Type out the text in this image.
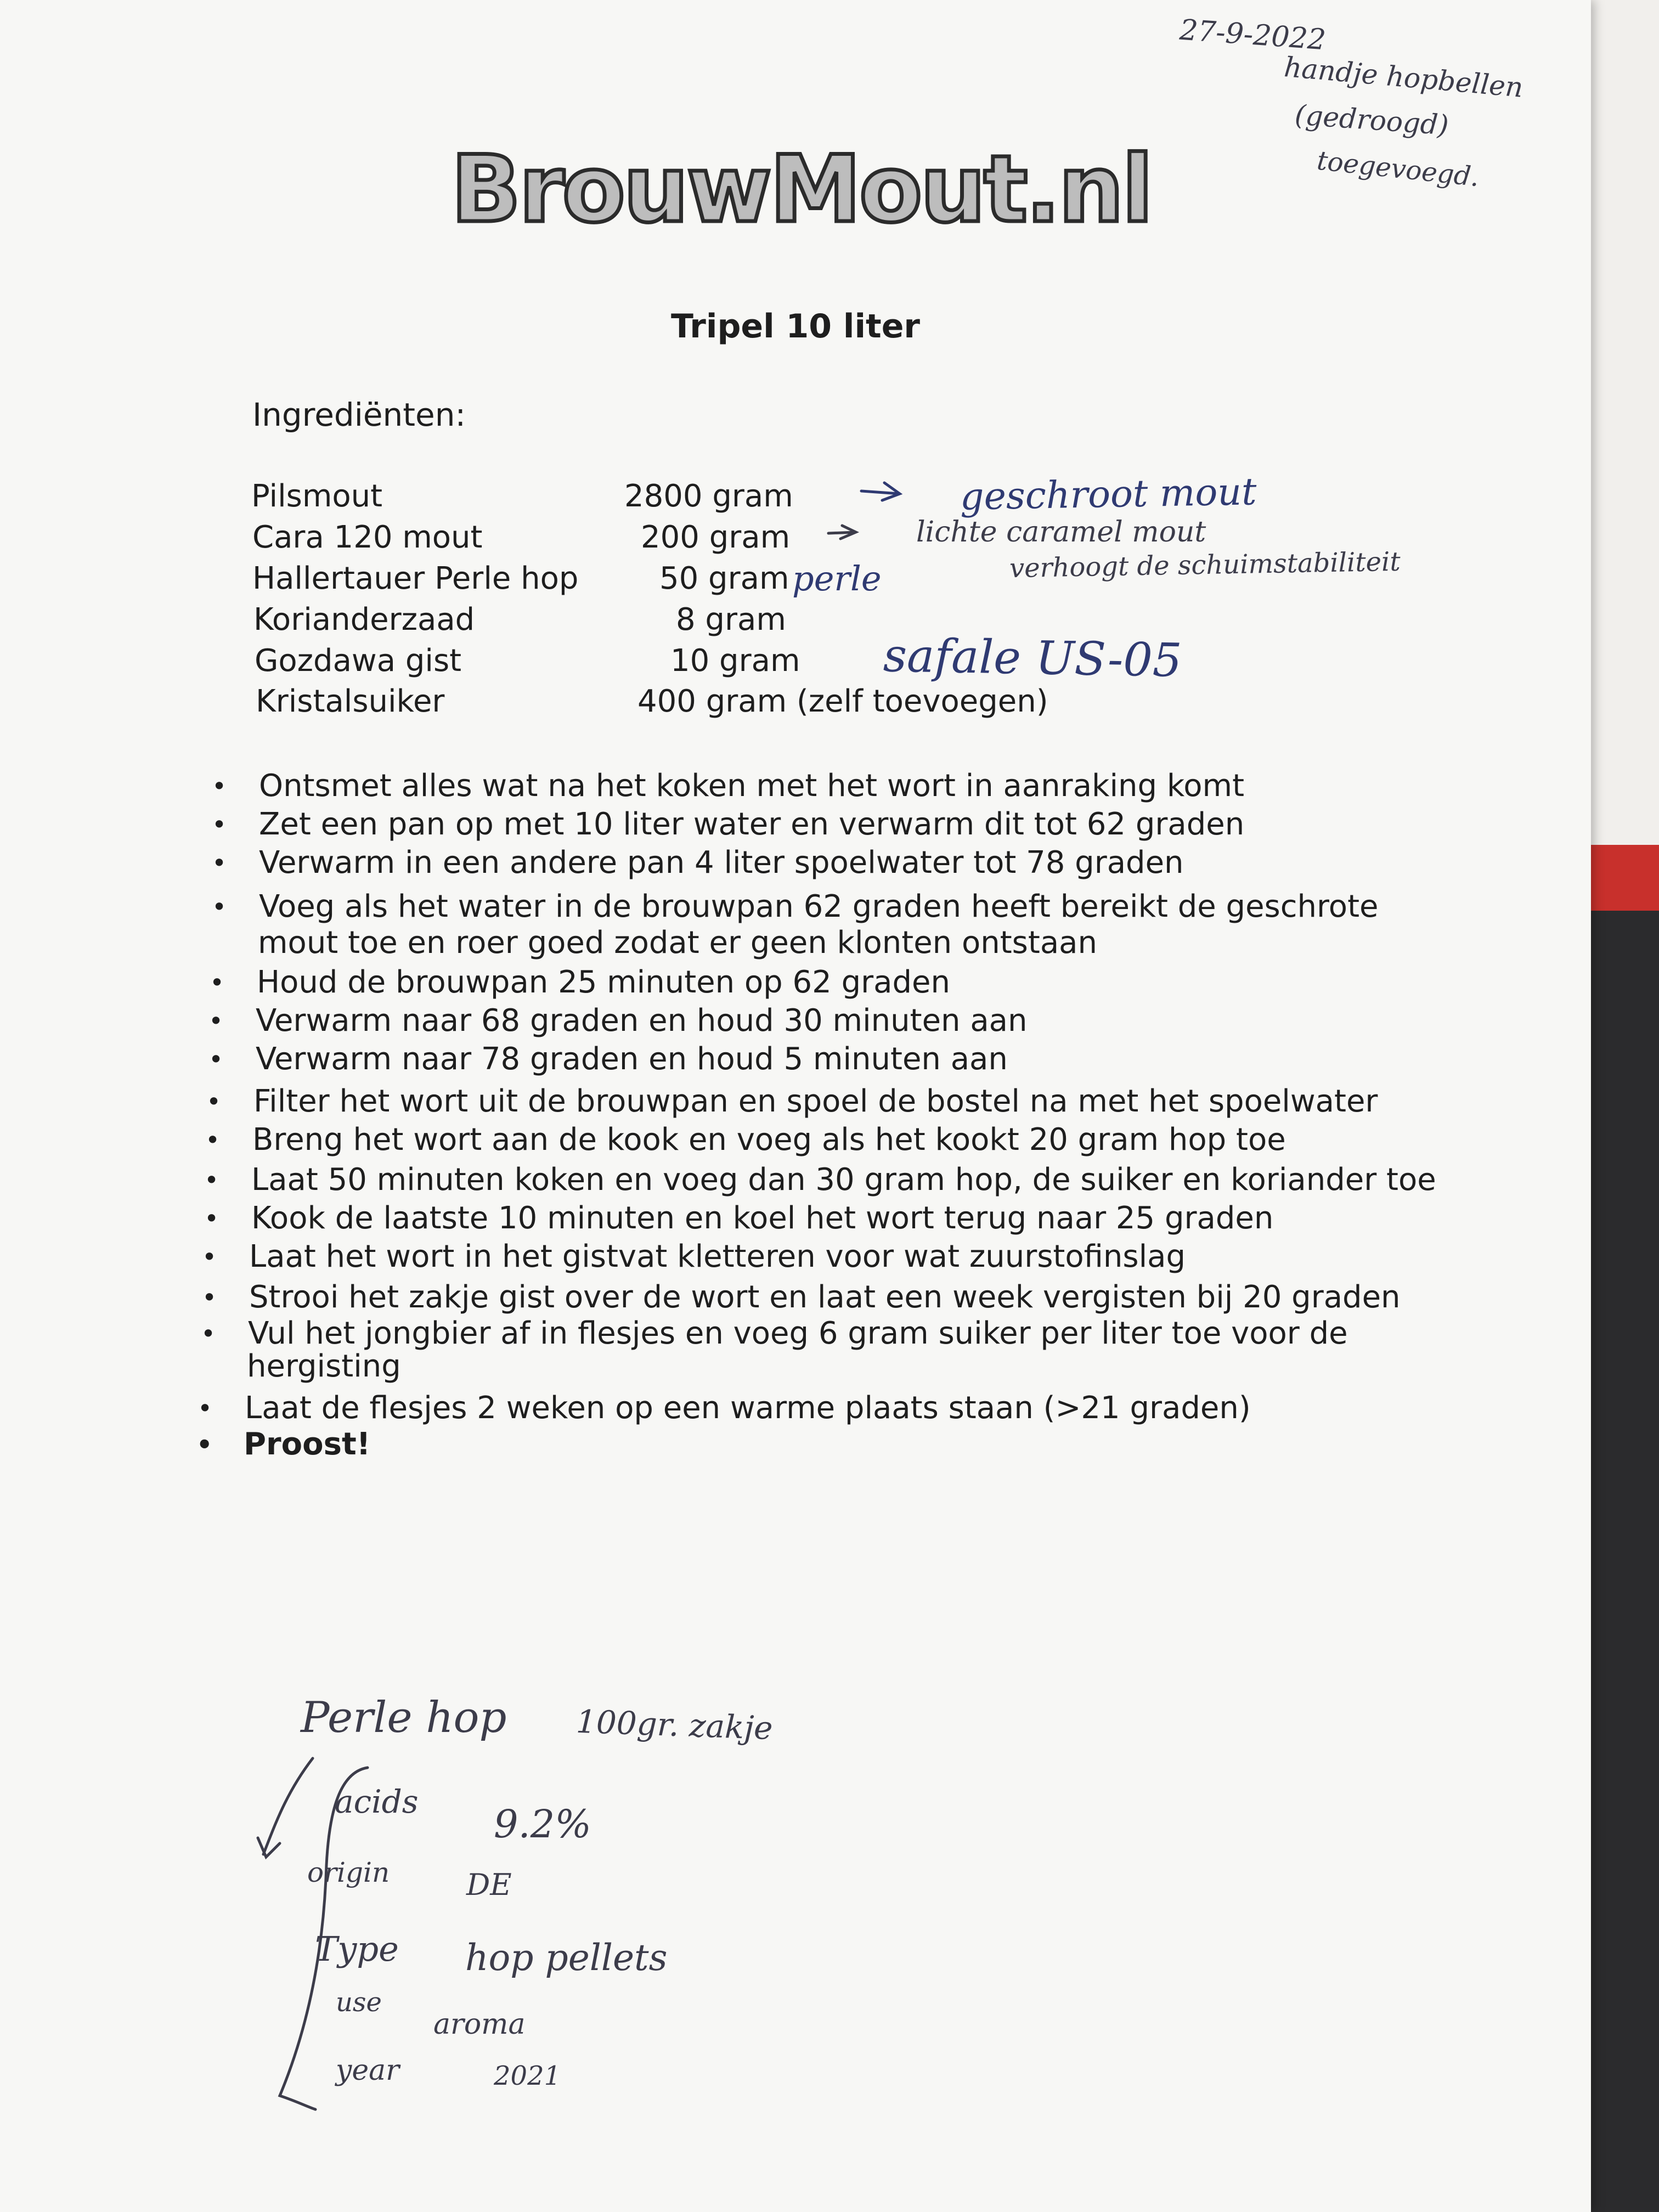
BrouwMout.nl
Tripel 10 liter
Ingrediënten:
Pilsmout	2800 gram
Cara 120 mout	200 gram
Hallertauer Perle hop	50 gram
Korianderzaad	8 gram
Gozdawa gist	10 gram
Kristalsuiker	400 gram (zelf toevoegen)
• Ontsmet alles wat na het koken met het wort in aanraking komt
• Zet een pan op met 10 liter water en verwarm dit tot 62 graden
• Verwarm in een andere pan 4 liter spoelwater tot 78 graden
• Voeg als het water in de brouwpan 62 graden heeft bereikt de geschrote
mout toe en roer goed zodat er geen klonten ontstaan
• Houd de brouwpan 25 minuten op 62 graden
• Verwarm naar 68 graden en houd 30 minuten aan
• Verwarm naar 78 graden en houd 5 minuten aan
• Filter het wort uit de brouwpan en spoel de bostel na met het spoelwater
• Breng het wort aan de kook en voeg als het kookt 20 gram hop toe
• Laat 50 minuten koken en voeg dan 30 gram hop, de suiker en koriander toe
• Kook de laatste 10 minuten en koel het wort terug naar 25 graden
• Laat het wort in het gistvat kletteren voor wat zuurstofinslag
• Strooi het zakje gist over de wort en laat een week vergisten bij 20 graden
• Vul het jongbier af in flesjes en voeg 6 gram suiker per liter toe voor de
hergisting
• Laat de flesjes 2 weken op een warme plaats staan (>21 graden)
• Proost!
27-9-2022
handje hopbellen
(gedroogd)
toegevoegd.
geschroot mout
lichte caramel mout
verhoogt de schuimstabiliteit
perle
safale US-05
Perle hop 100gr. zakje
acids 9.2%
origin	DE
Type hop pellets
use
aroma
year	2021
